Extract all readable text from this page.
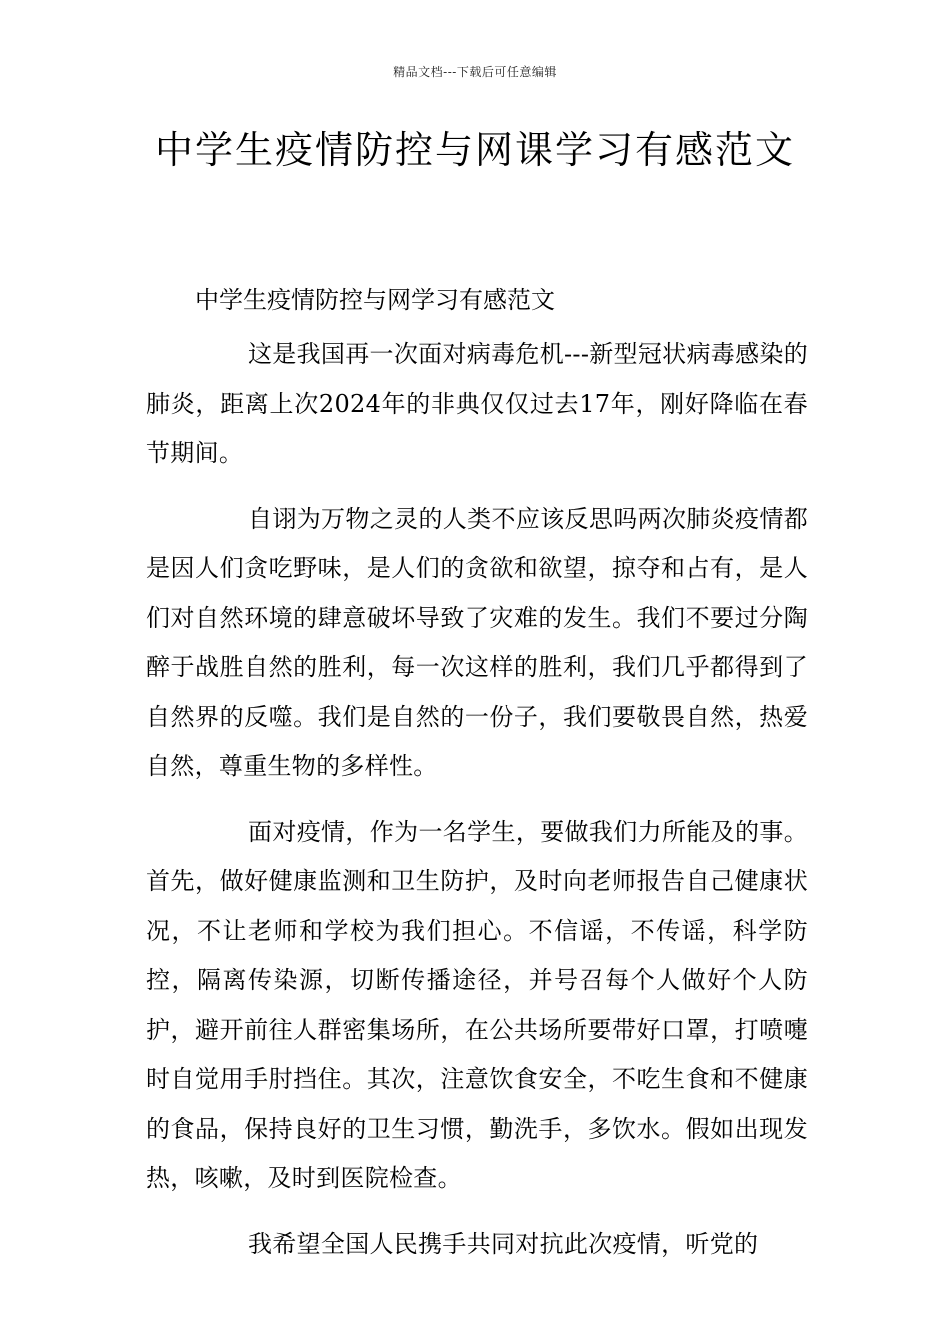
精品文档---下载后可任意编辑
中学生疫情防控与网课学习有感范文

中学生疫情防控与网学习有感范文

这是我国再一次面对病毒危机---新型冠状病毒感染的肺炎，距离上次2024年的非典仅仅过去17年，刚好降临在春节期间。

自诩为万物之灵的人类不应该反思吗两次肺炎疫情都是因人们贪吃野味，是人们的贪欲和欲望，掠夺和占有，是人们对自然环境的肆意破坏导致了灾难的发生。我们不要过分陶醉于战胜自然的胜利，每一次这样的胜利，我们几乎都得到了自然界的反噬。我们是自然的一份子，我们要敬畏自然，热爱自然，尊重生物的多样性。

面对疫情，作为一名学生，要做我们力所能及的事。首先，做好健康监测和卫生防护，及时向老师报告自己健康状况，不让老师和学校为我们担心。不信谣，不传谣，科学防控，隔离传染源，切断传播途径，并号召每个人做好个人防护，避开前往人群密集场所，在公共场所要带好口罩，打喷嚏时自觉用手肘挡住。其次，注意饮食安全，不吃生食和不健康的食品，保持良好的卫生习惯，勤洗手，多饮水。假如出现发热，咳嗽，及时到医院检查。

我希望全国人民携手共同对抗此次疫情，听党的
